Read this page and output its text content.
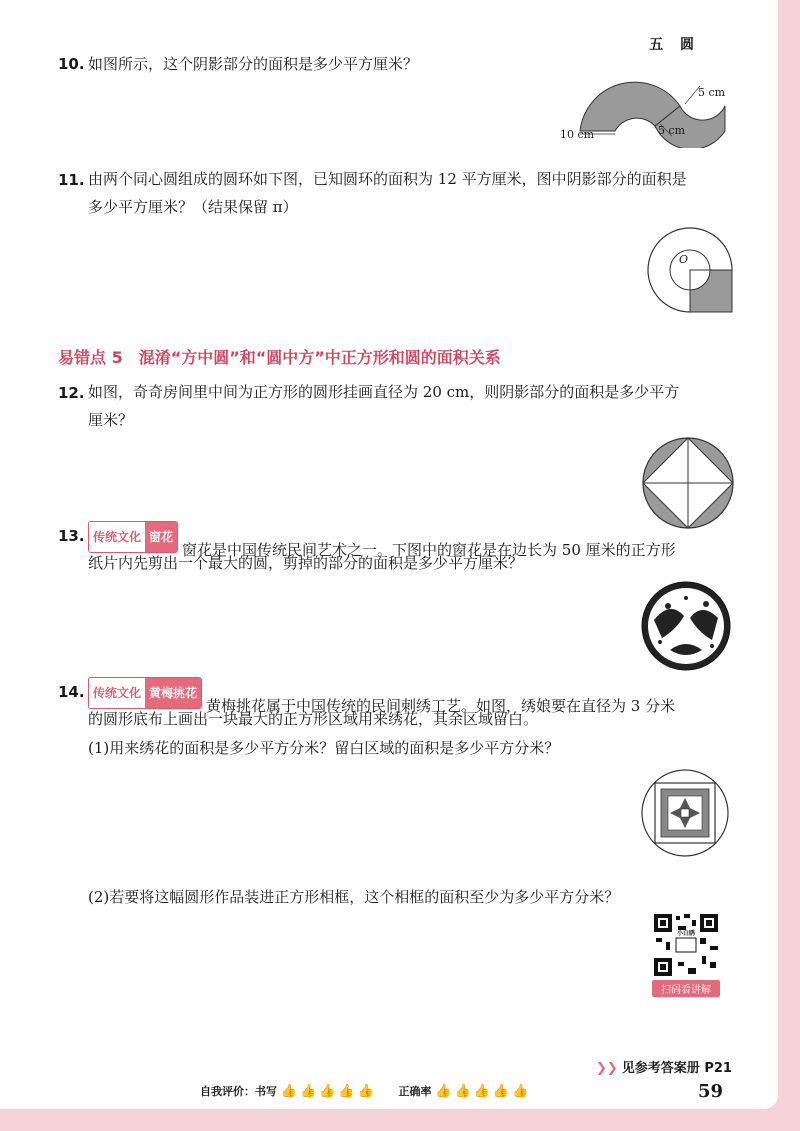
五 圆
10. 如图所示，这个阴影部分的面积是多少平方厘米？
10 cm
5 cm
5 cm
11. 由两个同心圆组成的圆环如下图，已知圆环的面积为 12 平方厘米，图中阴影部分的面积是
多少平方厘米？（结果保留 π）
O
易错点 5　混淆“方中圆”和“圆中方”中正方形和圆的面积关系
12. 如图，奇奇房间里中间为正方形的圆形挂画直径为 20 cm，则阴影部分的面积是多少平方
厘米？
13. 传统文化 窗花窗花是中国传统民间艺术之一。下图中的窗花是在边长为 50 厘米的正方形
纸片内先剪出一个最大的圆，剪掉的部分的面积是多少平方厘米？
14. 传统文化 黄梅挑花黄梅挑花属于中国传统的民间刺绣工艺。如图，绣娘要在直径为 3 分米
的圆形底布上画出一块最大的正方形区域用来绣花，其余区域留白。
(1)用来绣花的面积是多少平方分米？留白区域的面积是多少平方分米？
(2)若要将这幅圆形作品装进正方形相框，这个相框的面积至少为多少平方分米？
小白鸥
扫码看讲解
❯❯ 见参考答案册 P21
59
自我评价：书写 👍 👍 👍 👍 👍 正确率 👍 👍 👍 👍 👍
